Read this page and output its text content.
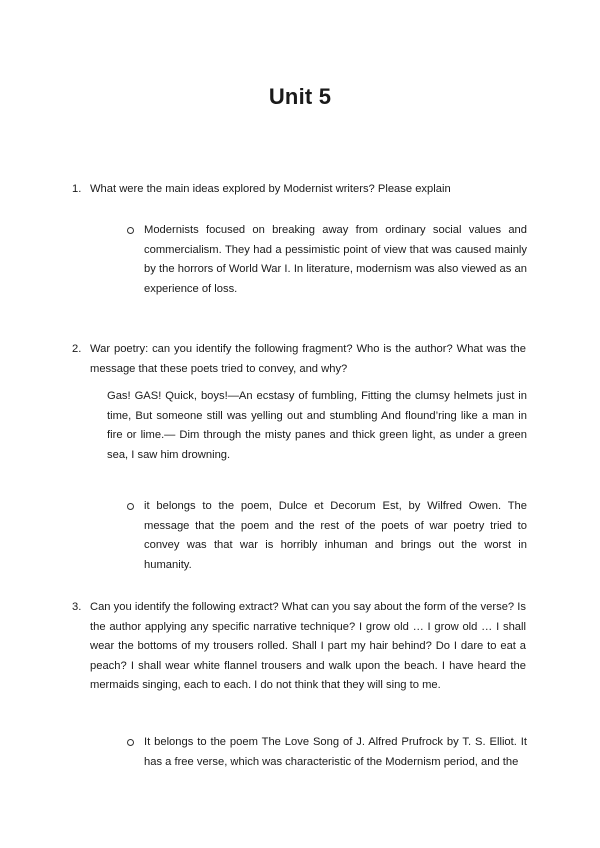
Unit 5
1. What were the main ideas explored by Modernist writers? Please explain
Modernists focused on breaking away from ordinary social values and commercialism. They had a pessimistic point of view that was caused mainly by the horrors of World War I. In literature, modernism was also viewed as an experience of loss.
2. War poetry: can you identify the following fragment? Who is the author? What was the message that these poets tried to convey, and why?
Gas! GAS! Quick, boys!—An ecstasy of fumbling, Fitting the clumsy helmets just in time, But someone still was yelling out and stumbling And flound’ring like a man in fire or lime.— Dim through the misty panes and thick green light, as under a green sea, I saw him drowning.
it belongs to the poem, Dulce et Decorum Est, by Wilfred Owen. The message that the poem and the rest of the poets of war poetry tried to convey was that war is horribly inhuman and brings out the worst in humanity.
3. Can you identify the following extract? What can you say about the form of the verse? Is the author applying any specific narrative technique? I grow old … I grow old … I shall wear the bottoms of my trousers rolled. Shall I part my hair behind? Do I dare to eat a peach? I shall wear white flannel trousers and walk upon the beach. I have heard the mermaids singing, each to each. I do not think that they will sing to me.
It belongs to the poem The Love Song of J. Alfred Prufrock by T. S. Elliot. It has a free verse, which was characteristic of the Modernism period, and the
